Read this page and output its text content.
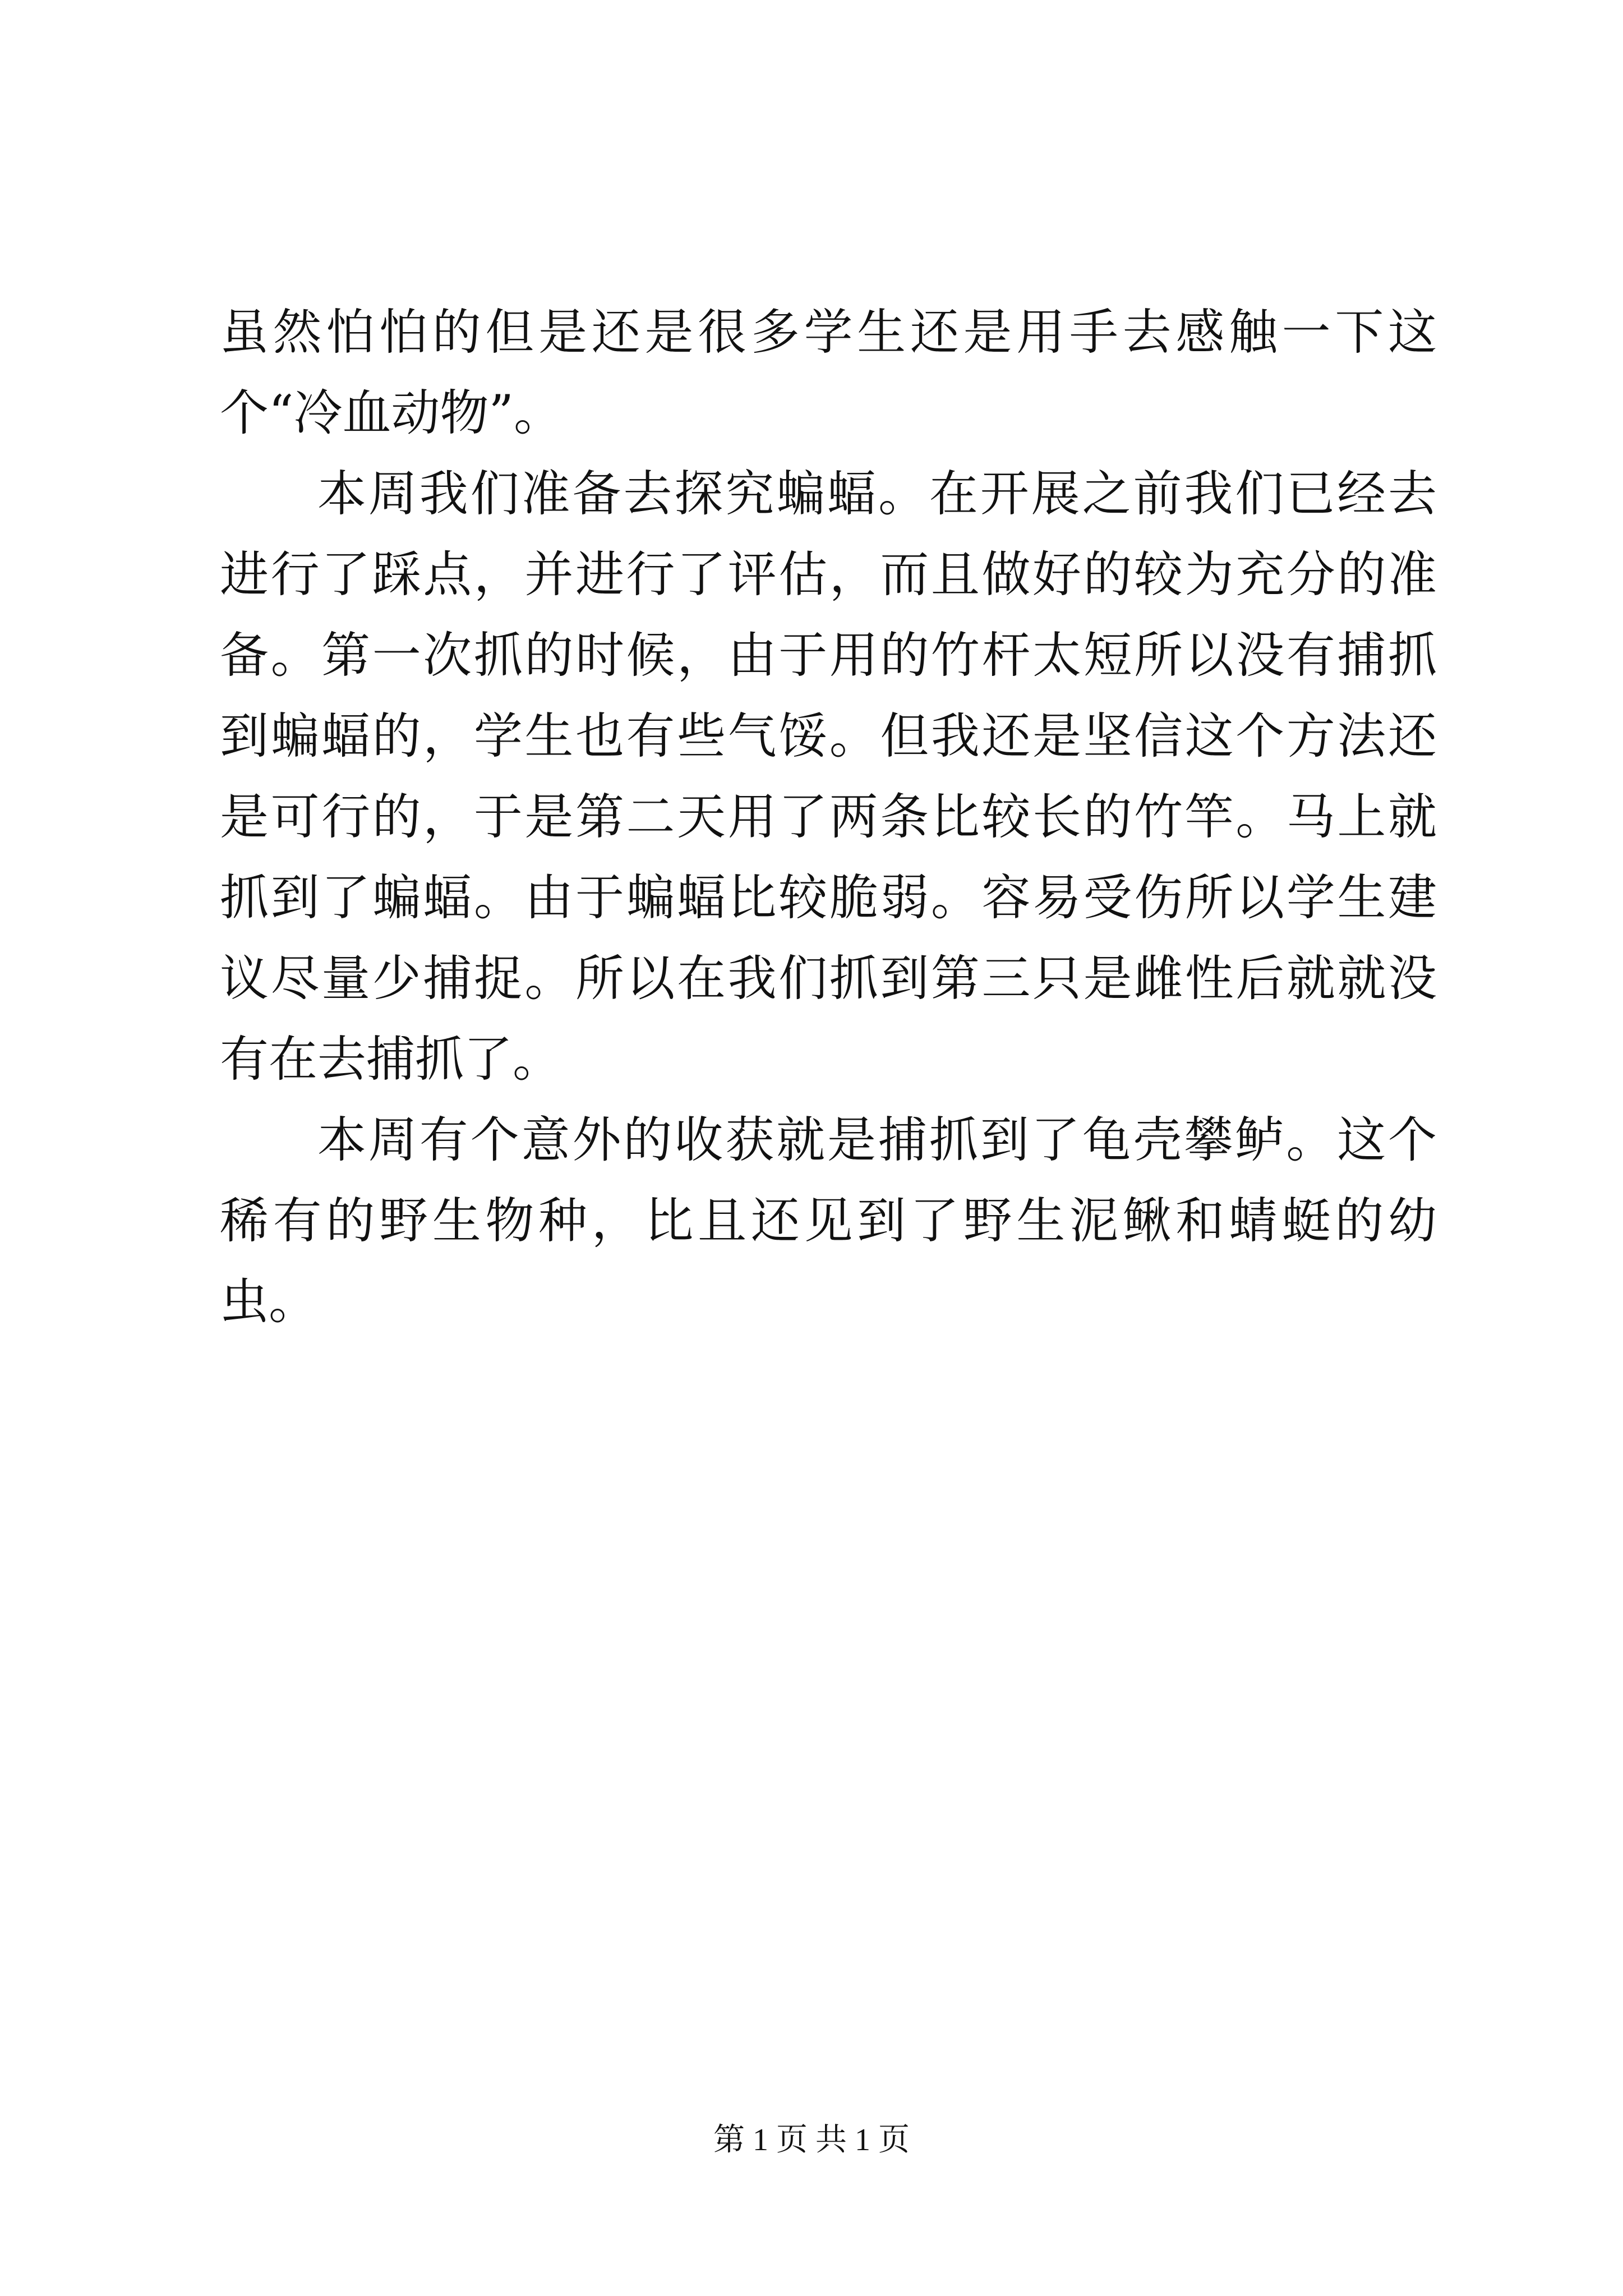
虽然怕怕的但是还是很多学生还是用手去感触一下这个“冷血动物”。

本周我们准备去探究蝙蝠。在开展之前我们已经去进行了踩点，并进行了评估，而且做好的较为充分的准备。第一次抓的时候，由于用的竹杆太短所以没有捕抓到蝙蝠的，学生也有些气馁。但我还是坚信这个方法还是可行的，于是第二天用了两条比较长的竹竿。马上就抓到了蝙蝠。由于蝙蝠比较脆弱。容易受伤所以学生建议尽量少捕捉。所以在我们抓到第三只是雌性后就就没有在去捕抓了。

本周有个意外的收获就是捕抓到了龟壳攀鲈。这个稀有的野生物种，比且还见到了野生泥鳅和蜻蜓的幼虫。

第 1 页 共 1 页
